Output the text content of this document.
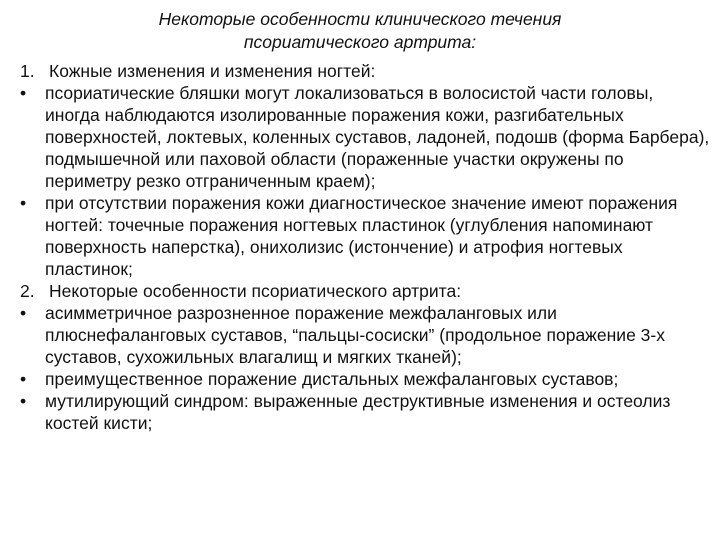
Некоторые особенности клинического течения
псориатического артрита:
1. Кожные изменения и изменения ногтей:
•	псориатические бляшки могут локализоваться в волосистой части головы, иногда наблюдаются изолированные поражения кожи, разгибательных поверхностей, локтевых, коленных суставов, ладоней, подошв (форма Барбера), подмышечной или паховой области (пораженные участки окружены по периметру резко отграниченным краем);
•	при отсутствии поражения кожи диагностическое значение имеют поражения ногтей: точечные поражения ногтевых пластинок (углубления напоминают поверхность наперстка), онихолизис (истончение) и атрофия ногтевых пластинок;
2. Некоторые особенности псориатического артрита:
•	асимметричное разрозненное поражение межфаланговых или плюснефаланговых суставов, “пальцы-сосиски” (продольное поражение 3-х суставов, сухожильных влагалищ и мягких тканей);
•	преимущественное поражение дистальных межфаланговых суставов;
•	мутилирующий синдром: выраженные деструктивные изменения и остеолиз костей кисти;
